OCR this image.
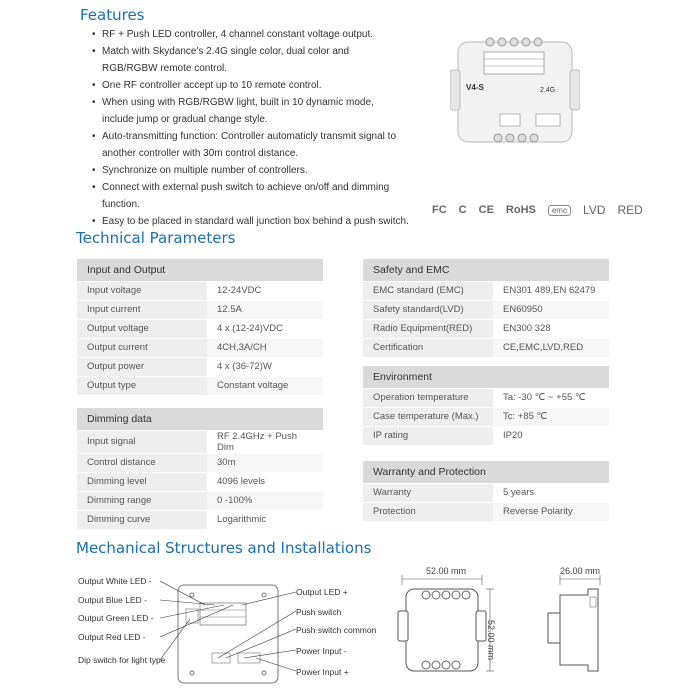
Features
• RF + Push LED controller, 4 channel constant voltage output.
• Match with Skydance's 2.4G single color, dual color and
RGB/RGBW remote control.
• One RF controller accept up to 10 remote control.
• When using with RGB/RGBW light, built in 10 dynamic mode,
include jump or gradual change style.
• Auto-transmitting function: Controller automaticly transmit signal to
another controller with 30m control distance.
• Synchronize on multiple number of controllers.
• Connect with external push switch to achieve on/off and dimming function.
• Easy to be placed in standard wall junction box behind a push switch.
V4-S	2.4G
FC C CE RoHS	emc	LVD RED
Technical Parameters
Input and Output	
Input voltage	12-24VDC
Input current	12.5A
Output voltage	4 x (12-24)VDC
Output current	4CH,3A/CH
Output power	4 x (36-72)W
Output type	Constant voltage
Dimming data	
Input signal	RF 2.4GHz + Push Dim
Control distance	30m
Dimming level	4096 levels
Dimming range	0 -100%
Dimming curve	Logarithmic
Safety and EMC	
EMC standard (EMC)	EN301 489,EN 62479
Safety standard(LVD)	EN60950
Radio Equipment(RED)	EN300 328
Certification	CE,EMC,LVD,RED
Environment	
Operation temperature	Ta: -30 ℃ ~ +55 ℃
Case temperature (Max.)	Tc: +85 ℃
IP rating	IP20
Warranty and Protection	
Warranty	5 years
Protection	Reverse Polarity
Mechanical Structures and Installations
Output White LED -
Output Blue LED -
Output Green LED -
Output Red LED -
Dip switch for light type
Output LED +
Push switch
Push switch common
Power Input -
Power Input +
52.00 mm	26.00 mm
52.00 mm
